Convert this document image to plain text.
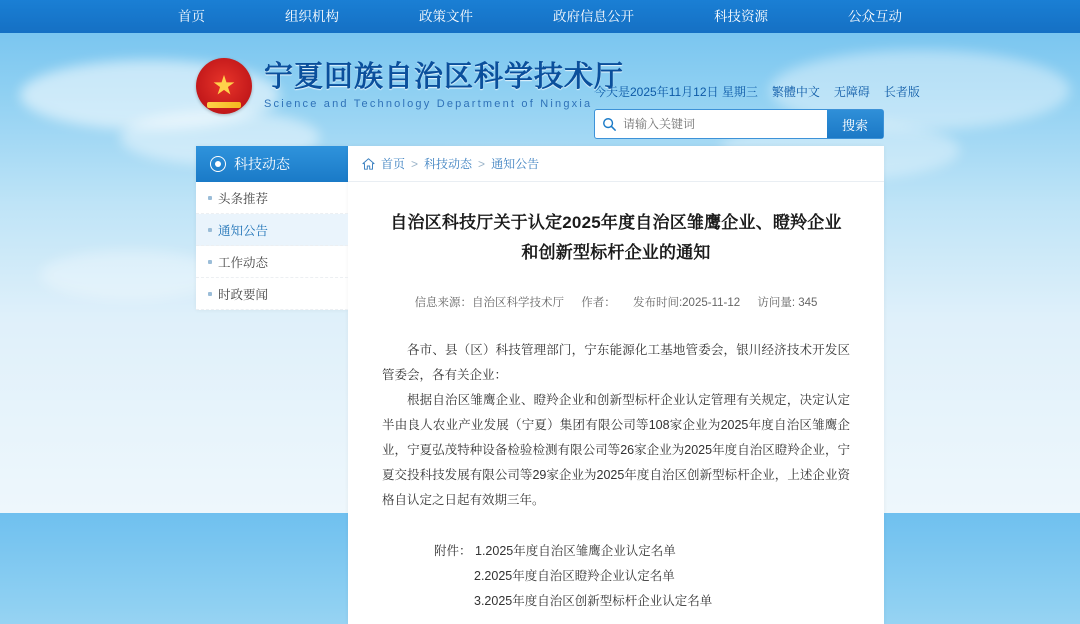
首页	组织机构	政策文件	政府信息公开	科技资源	公众互动
★ 宁夏回族自治区科学技术厅
Science and Technology Department of Ningxia
今天是2025年11月12日 星期三 繁體中文 无障碍 长者版
请输入关键词
搜索
科技动态
头条推荐
通知公告
工作动态
时政要闻
首页 > 科技动态 > 通知公告
自治区科技厅关于认定2025年度自治区雏鹰企业、瞪羚企业
和创新型标杆企业的通知
信息来源：自治区科学技术厅 作者： 发布时间:2025-11-12 访问量: 345

各市、县（区）科技管理部门，宁东能源化工基地管委会，银川经济技术开发区管委会，各有关企业：

根据自治区雏鹰企业、瞪羚企业和创新型标杆企业认定管理有关规定，决定认定半由良人农业产业发展（宁夏）集团有限公司等108家企业为2025年度自治区雏鹰企业，宁夏弘茂特种设备检验检测有限公司等26家企业为2025年度自治区瞪羚企业，宁夏交投科技发展有限公司等29家企业为2025年度自治区创新型标杆企业，上述企业资格自认定之日起有效期三年。

附件： 1.2025年度自治区雏鹰企业认定名单

2.2025年度自治区瞪羚企业认定名单

3.2025年度自治区创新型标杆企业认定名单
